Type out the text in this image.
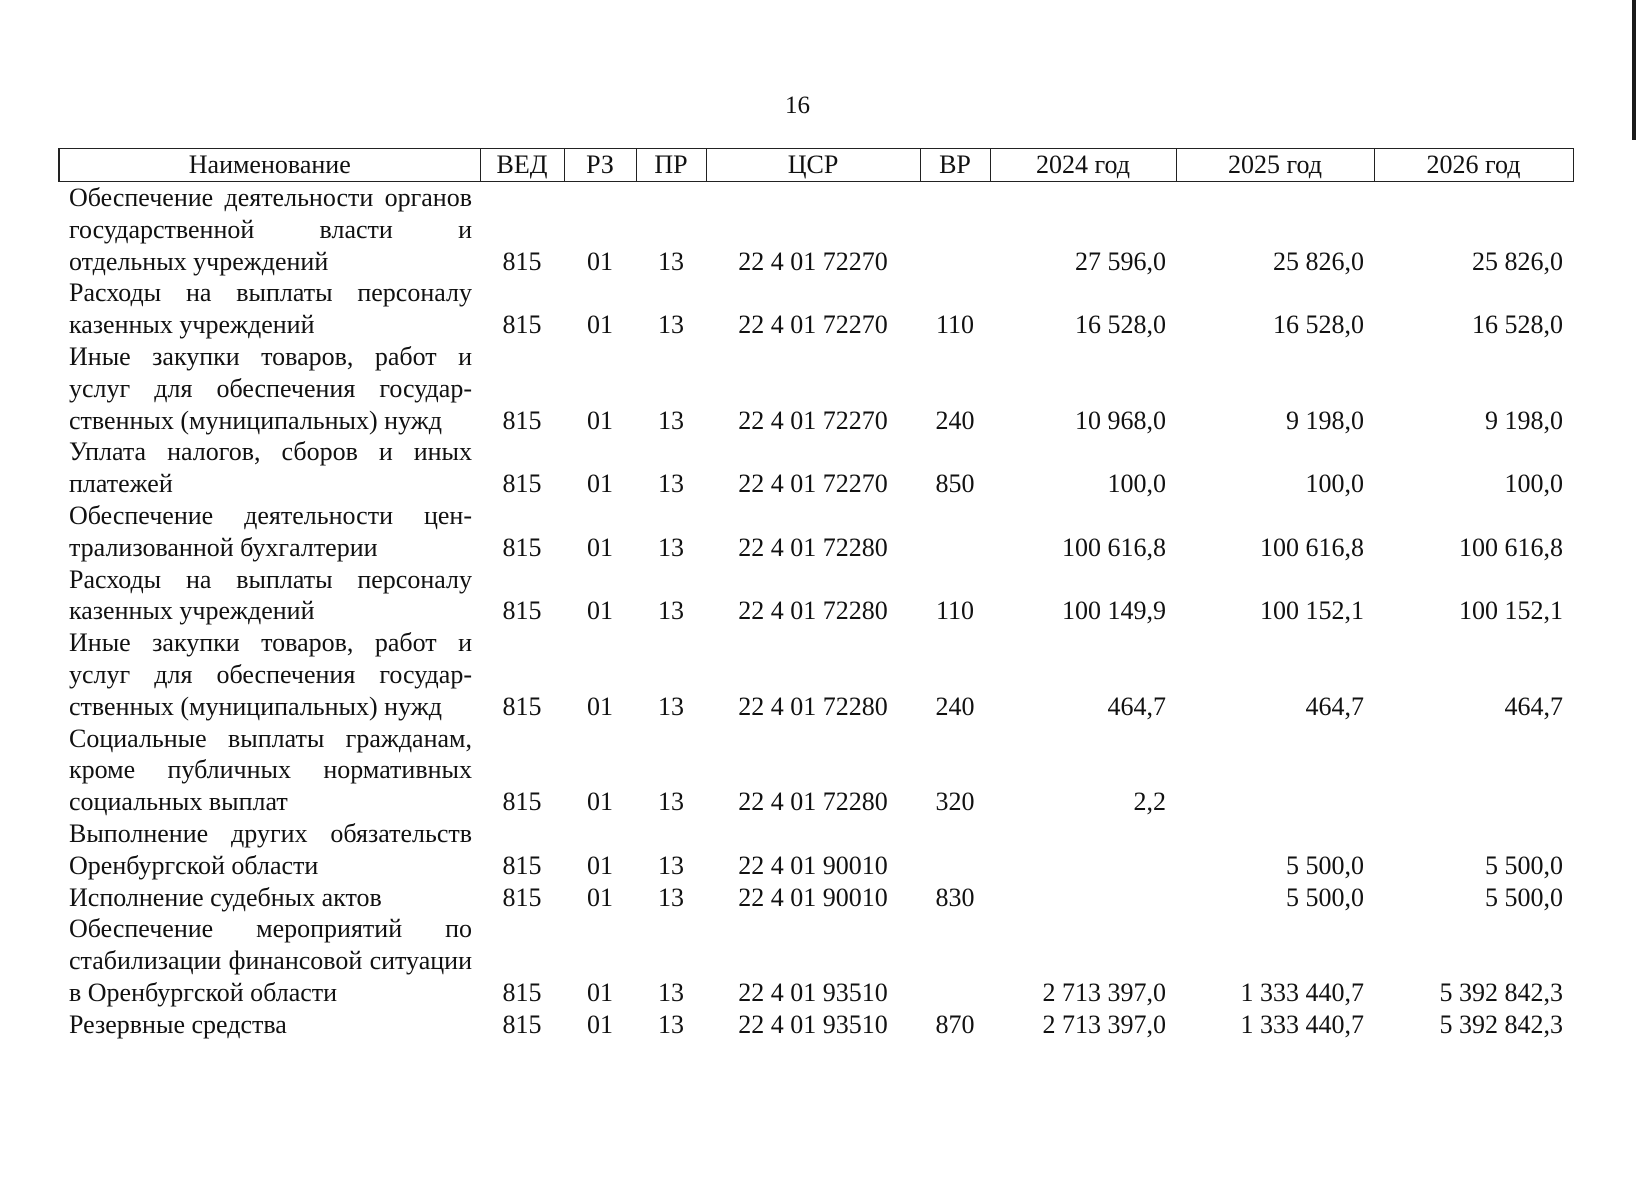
16
Наименование	ВЕД	РЗ	ПР	ЦСР	ВР	2024 год	2025 год	2026 год
Обеспечение деятельности органов государственной власти и отдельных учреждений	815	01	13	22 4 01 72270		27 596,0	25 826,0	25 826,0
Расходы на выплаты персоналу казенных учреждений	815	01	13	22 4 01 72270	110	16 528,0	16 528,0	16 528,0
Иные закупки товаров, работ и услуг для обеспечения государственных (муниципальных) нужд	815	01	13	22 4 01 72270	240	10 968,0	9 198,0	9 198,0
Уплата налогов, сборов и иных платежей	815	01	13	22 4 01 72270	850	100,0	100,0	100,0
Обеспечение деятельности централизованной бухгалтерии	815	01	13	22 4 01 72280		100 616,8	100 616,8	100 616,8
Расходы на выплаты персоналу казенных учреждений	815	01	13	22 4 01 72280	110	100 149,9	100 152,1	100 152,1
Иные закупки товаров, работ и услуг для обеспечения государственных (муниципальных) нужд	815	01	13	22 4 01 72280	240	464,7	464,7	464,7
Социальные выплаты гражданам, кроме публичных нормативных социальных выплат	815	01	13	22 4 01 72280	320	2,2		
Выполнение других обязательств Оренбургской области	815	01	13	22 4 01 90010			5 500,0	5 500,0
Исполнение судебных актов	815	01	13	22 4 01 90010	830		5 500,0	5 500,0
Обеспечение мероприятий по стабилизации финансовой ситуации в Оренбургской области	815	01	13	22 4 01 93510		2 713 397,0	1 333 440,7	5 392 842,3
Резервные средства	815	01	13	22 4 01 93510	870	2 713 397,0	1 333 440,7	5 392 842,3
